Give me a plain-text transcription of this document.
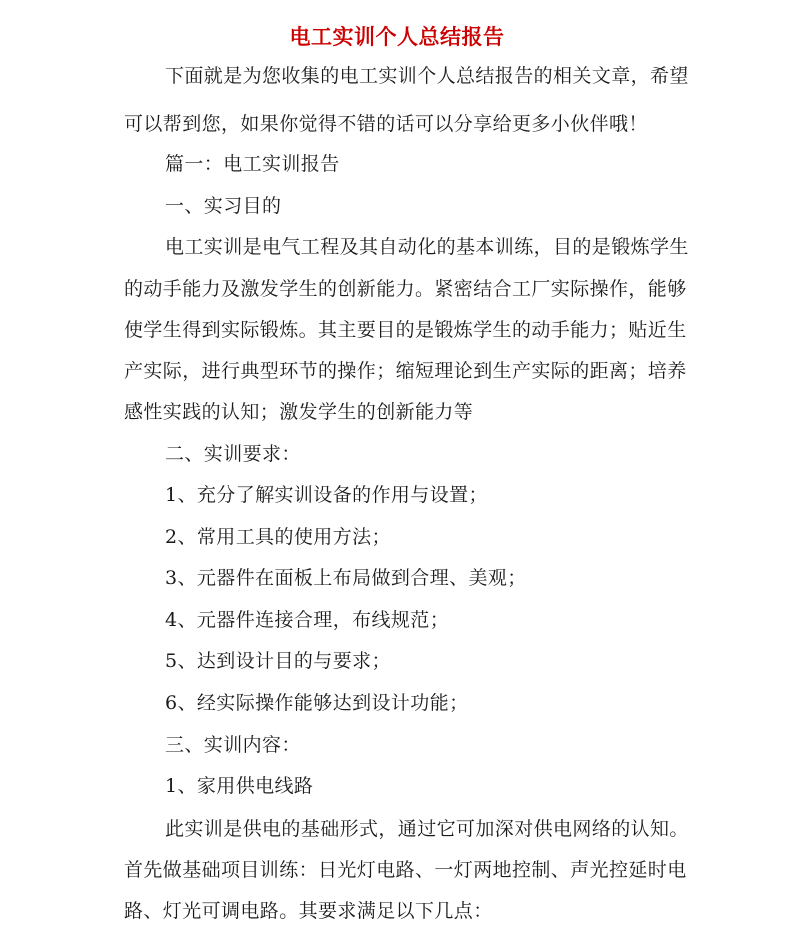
电工实训个人总结报告
下面就是为您收集的电工实训个人总结报告的相关文章，希望
可以帮到您，如果你觉得不错的话可以分享给更多小伙伴哦！
篇一：电工实训报告
一、实习目的
电工实训是电气工程及其自动化的基本训练，目的是锻炼学生
的动手能力及激发学生的创新能力。紧密结合工厂实际操作，能够
使学生得到实际锻炼。其主要目的是锻炼学生的动手能力；贴近生
产实际，进行典型环节的操作；缩短理论到生产实际的距离；培养
感性实践的认知；激发学生的创新能力等
二、实训要求：
1、充分了解实训设备的作用与设置；
2、常用工具的使用方法；
3、元器件在面板上布局做到合理、美观；
4、元器件连接合理，布线规范；
5、达到设计目的与要求；
6、经实际操作能够达到设计功能；
三、实训内容：
1、家用供电线路
此实训是供电的基础形式，通过它可加深对供电网络的认知。
首先做基础项目训练：日光灯电路、一灯两地控制、声光控延时电
路、灯光可调电路。其要求满足以下几点：
